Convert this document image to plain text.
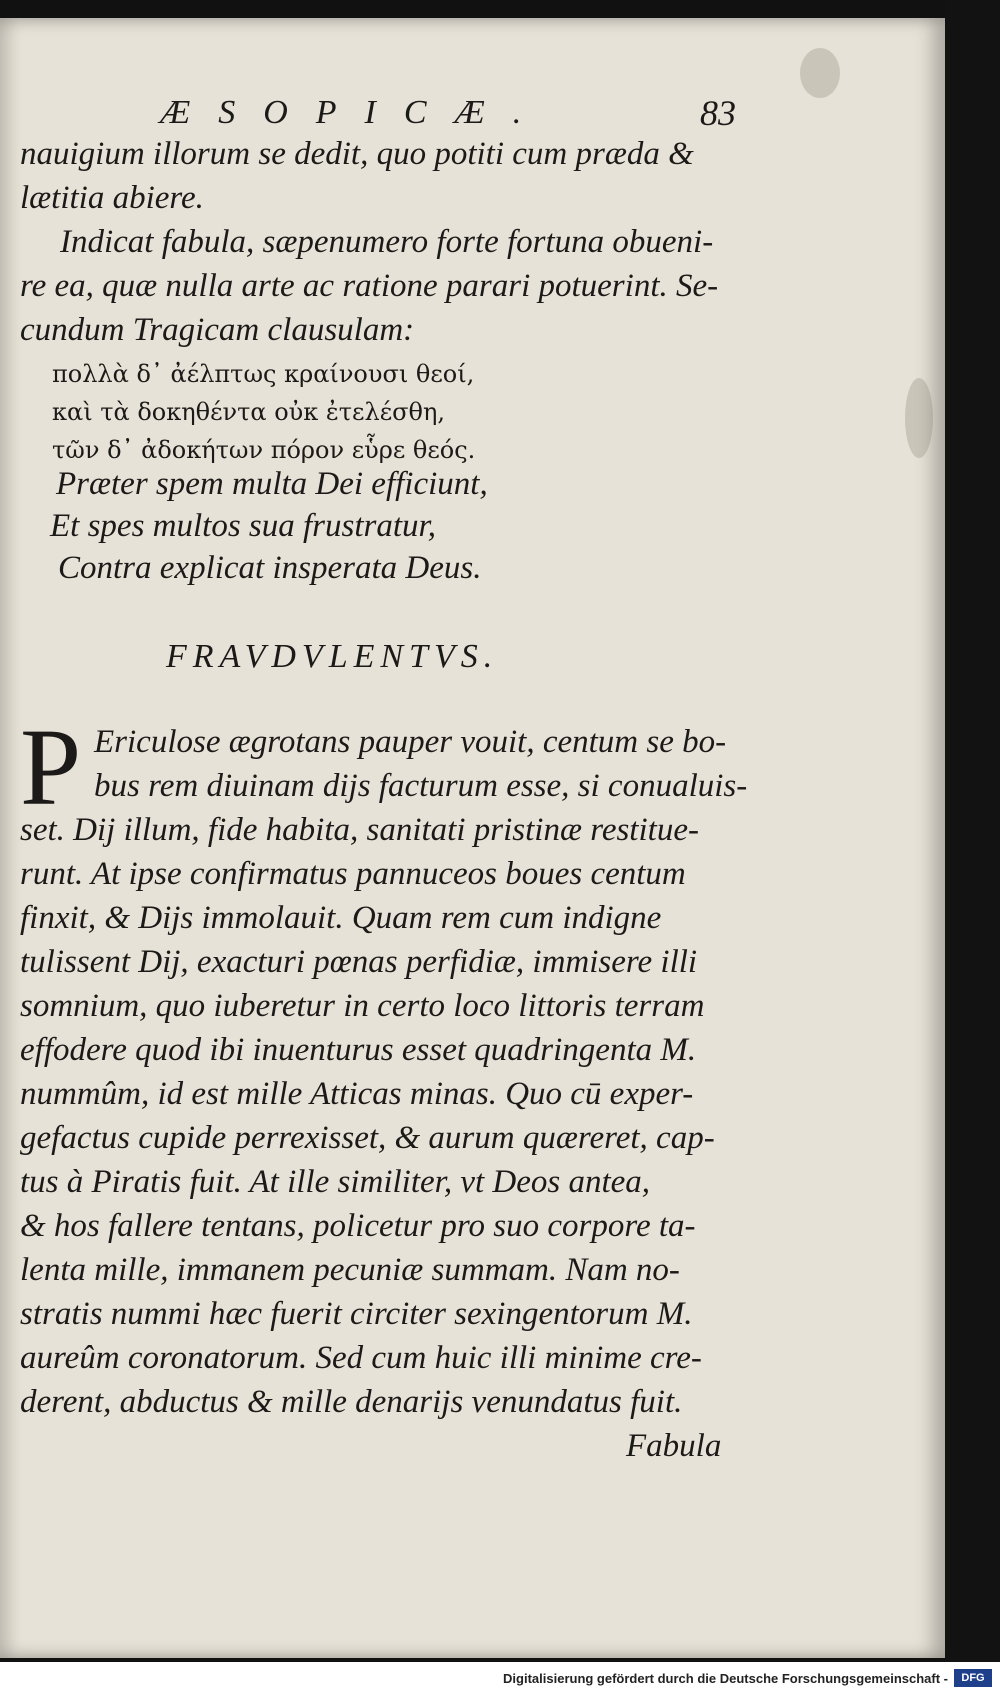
ÆSOPICÆ.	83
nauigium illorum se dedit, quo potiti cum præda &
lætitia abiere.
Indicat fabula, sæpenumero forte fortuna obueni-
re ea, quæ nulla arte ac ratione parari potuerint. Se-
cundum Tragicam clausulam:
πολλὰ δ᾽ ἀέλπτως κραίνουσι θεοί,
καὶ τὰ δοκηθέντα οὐκ ἐτελέσθη,
τῶν δ᾽ ἀδοκήτων πόρον εὗρε θεός.
Præter spem multa Dei efficiunt,
Et spes multos sua frustratur,
Contra explicat insperata Deus.
FRAVDVLENTVS.
P Ericulose ægrotans pauper vouit, centum se bo-
bus rem diuinam dijs facturum esse, si conualuis-
set. Dij illum, fide habita, sanitati pristinæ restitue-
runt. At ipse confirmatus pannuceos boues centum
finxit, & Dijs immolauit. Quam rem cum indigne
tulissent Dij, exacturi pœnas perfidiæ, immisere illi
somnium, quo iuberetur in certo loco littoris terram
effodere quod ibi inuenturus esset quadringenta M.
nummûm, id est mille Atticas minas. Quo cū exper-
gefactus cupide perrexisset, & aurum quæreret, cap-
tus à Piratis fuit. At ille similiter, vt Deos antea,
& hos fallere tentans, policetur pro suo corpore ta-
lenta mille, immanem pecuniæ summam. Nam no-
stratis nummi hæc fuerit circiter sexingentorum M.
aureûm coronatorum. Sed cum huic illi minime cre-
derent, abductus & mille denarijs venundatus fuit.
Fabula
Digitalisierung gefördert durch die Deutsche Forschungsgemeinschaft -	DFG
